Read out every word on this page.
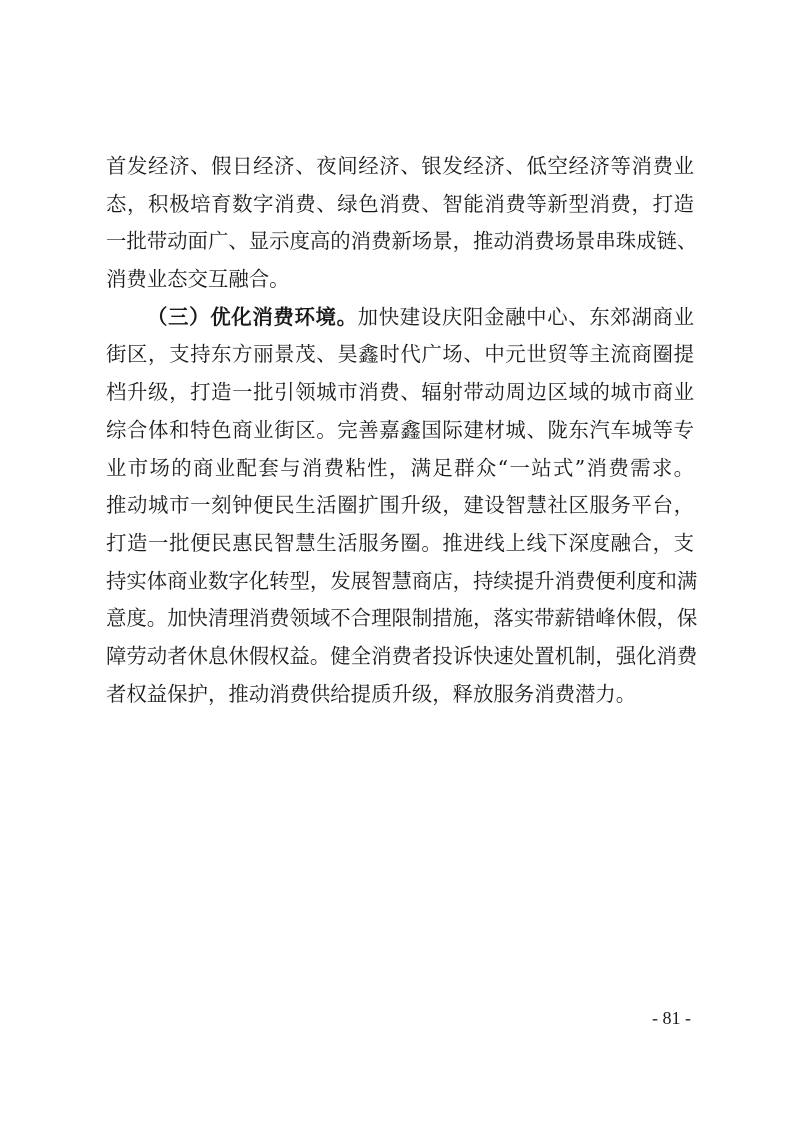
首发经济、假日经济、夜间经济、银发经济、低空经济等消费业
态，积极培育数字消费、绿色消费、智能消费等新型消费，打造
一批带动面广、显示度高的消费新场景，推动消费场景串珠成链、
消费业态交互融合。
（三）优化消费环境。加快建设庆阳金融中心、东郊湖商业
街区，支持东方丽景茂、昊鑫时代广场、中元世贸等主流商圈提
档升级，打造一批引领城市消费、辐射带动周边区域的城市商业
综合体和特色商业街区。完善嘉鑫国际建材城、陇东汽车城等专
业市场的商业配套与消费粘性，满足群众“一站式”消费需求。
推动城市一刻钟便民生活圈扩围升级，建设智慧社区服务平台，
打造一批便民惠民智慧生活服务圈。推进线上线下深度融合，支
持实体商业数字化转型，发展智慧商店，持续提升消费便利度和满
意度。加快清理消费领域不合理限制措施，落实带薪错峰休假，保
障劳动者休息休假权益。健全消费者投诉快速处置机制，强化消费
者权益保护，推动消费供给提质升级，释放服务消费潜力。
- 81 -
